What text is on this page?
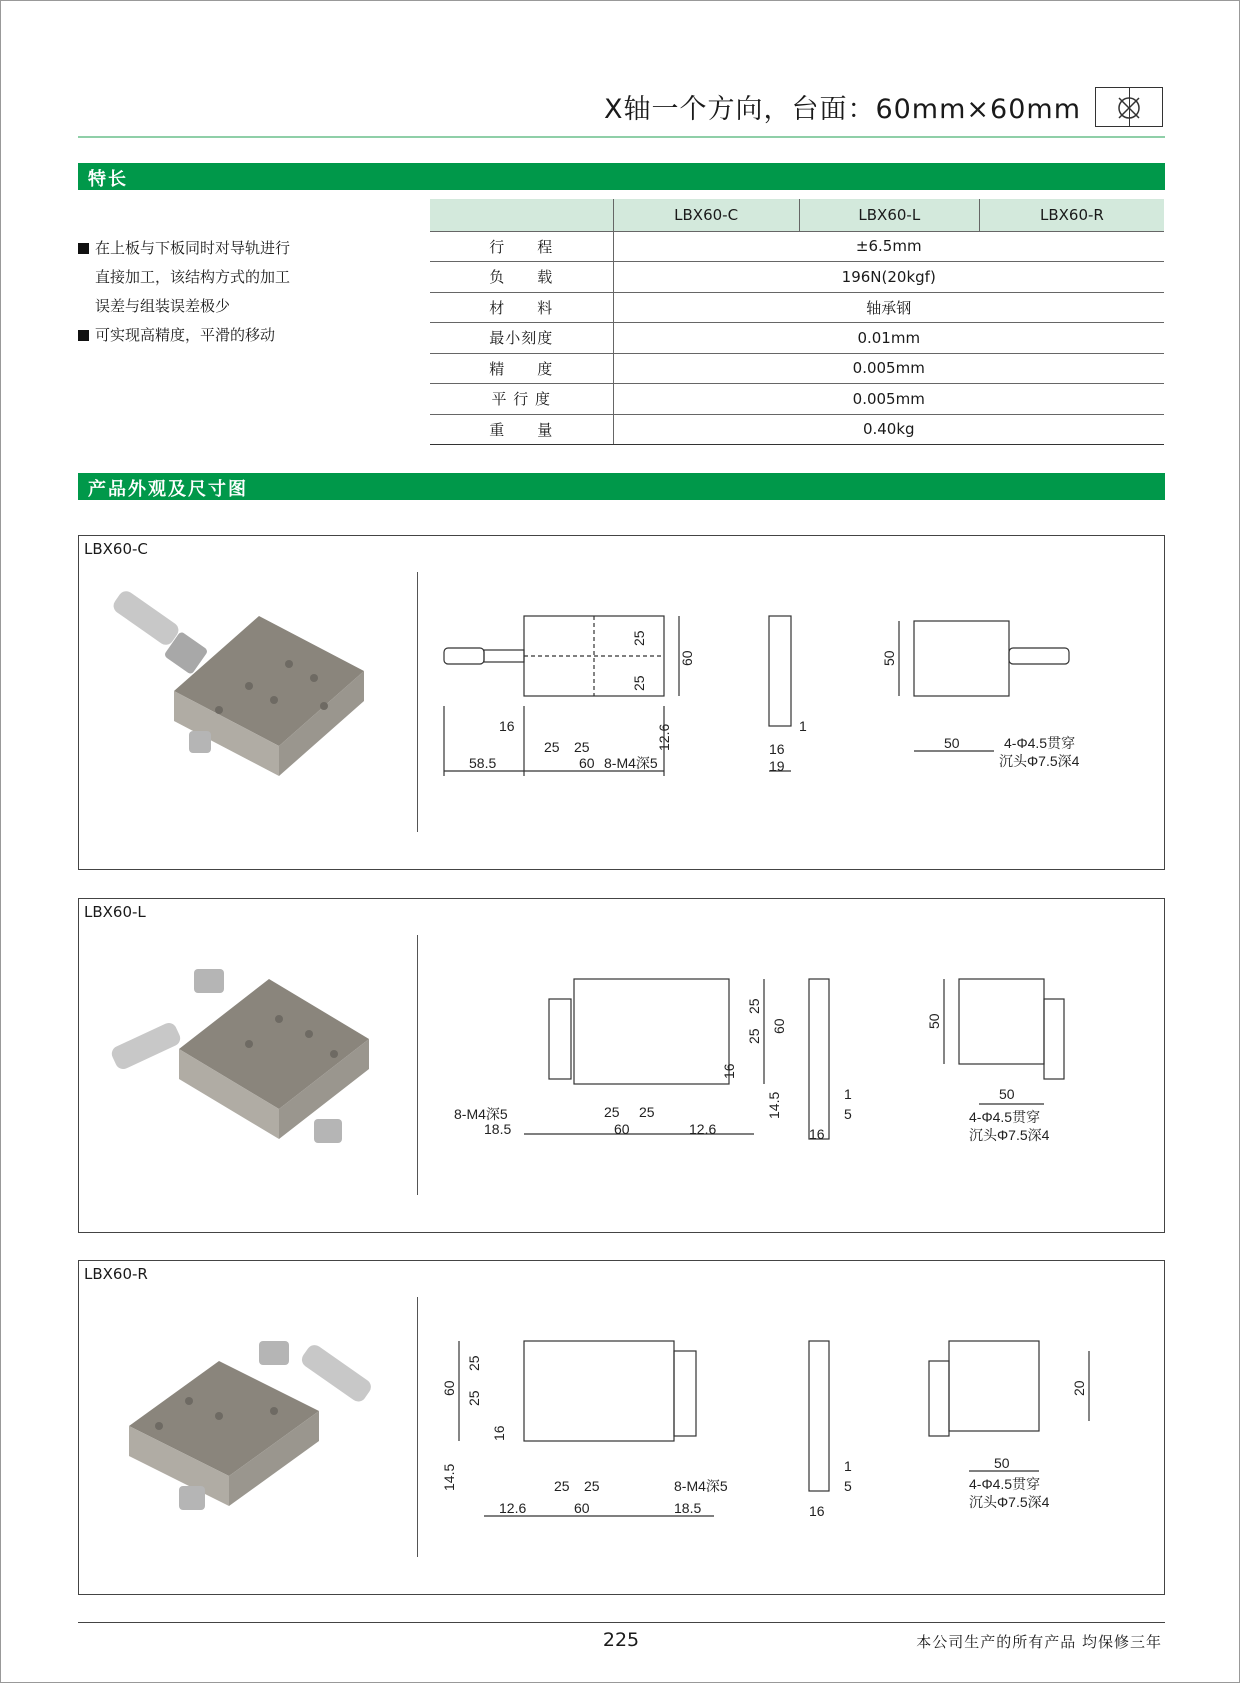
X轴一个方向，台面：60mm×60mm
特长
在上板与下板同时对导轨进行
直接加工，该结构方式的加工
误差与组装误差极少
可实现高精度，平滑的移动
	LBX60-C	LBX60-L	LBX60-R
行　　程	±6.5mm		
负　　载	196N(20kgf)		
材　　料	轴承钢		
最小刻度	0.01mm		
精　　度	0.005mm		
平 行 度	0.005mm		
重　　量	0.40kg		
产品外观及尺寸图
LBX60-C
25
25
60
16
25 25	12.6
58.5	60 8-M4深5
1
16
19
50
50	4-Φ4.5贯穿
沉头Φ7.5深4
LBX60-L
25
25
60
16
14.5
8-M4深5	25 25
18.5	60	12.6
1
5
16
50
50
4-Φ4.5贯穿
沉头Φ7.5深4
LBX60-R
60
25
25
16
14.5	25 25	8-M4深5
12.6	60	18.5
1
5
16
20
50
4-Φ4.5贯穿
沉头Φ7.5深4
225	本公司生产的所有产品 均保修三年
